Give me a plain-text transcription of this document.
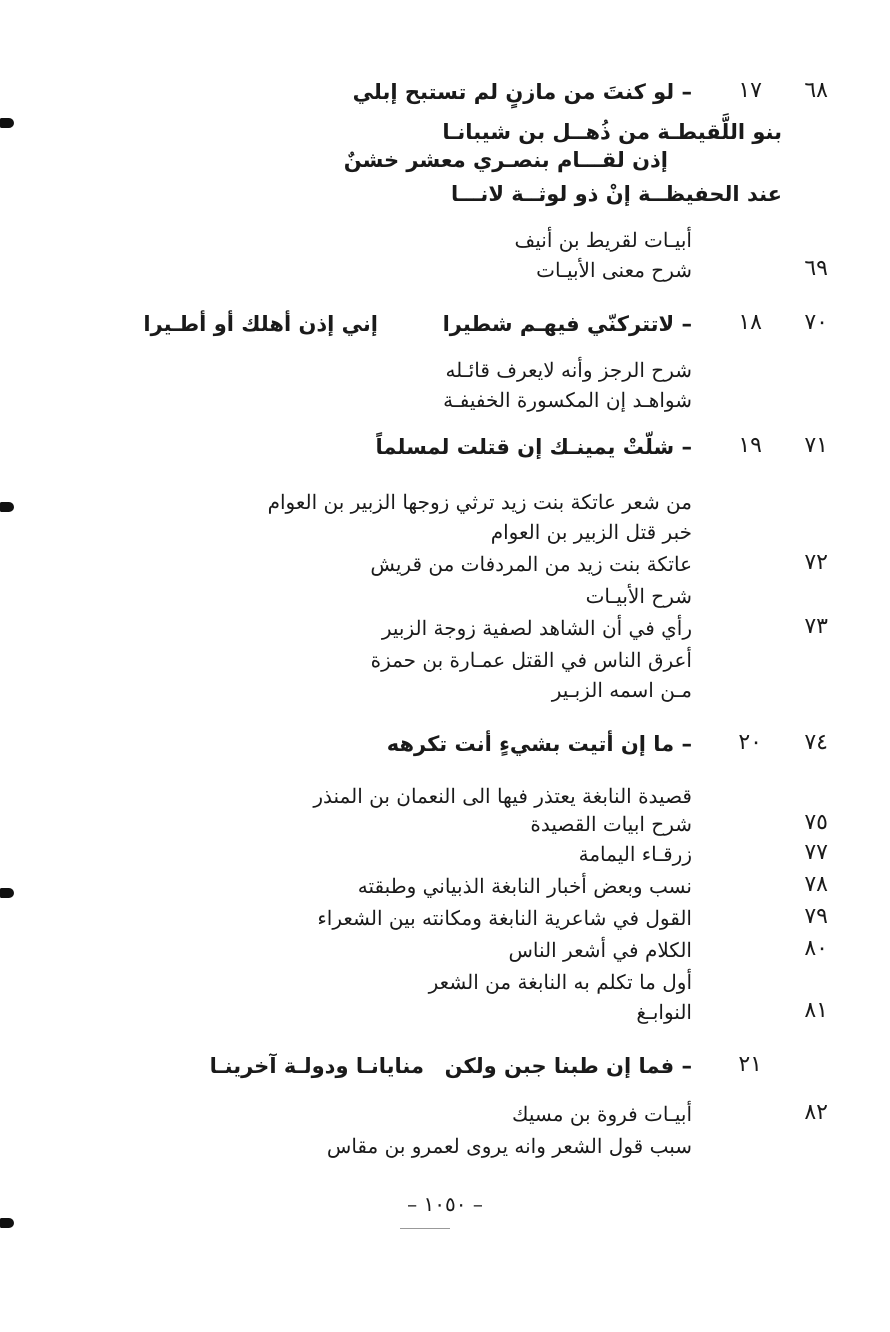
٦٨
١٧
– لو كنتَ من مازنٍ لم تستبح إبلي
بنو اللَّقيطـة من ذُهــل بن شيبانـا
إذن لقـــام بنصـري معشر خشنٌ
عند الحفيظــة إنْ ذو لوثــة لانـــا
أبيـات لقريط بن أنيف
٦٩
شرح معنى الأبيـات
٧٠
١٨
– لاتتركنّي فيهـم شطيرا
إني إذن أهلك أو أطـيرا
شرح الرجز وأنه لايعرف قائـله
شواهـد إن المكسورة الخفيفـة
٧١
١٩
– شلّتْ يمينـك إن قتلت لمسلماً
من شعر عاتكة بنت زيد ترثي زوجها الزبير بن العوام
خبر قتل الزبير بن العوام
٧٢
عاتكة بنت زيد من المردفات من قريش
شرح الأبيـات
٧٣
رأي في أن الشاهد لصفية زوجة الزبير
أعرق الناس في القتل عمـارة بن حمزة
مـن اسمه الزبـير
٧٤
٢٠
– ما إن أتيت بشيءٍ أنت تكرهه
قصيدة النابغة يعتذر فيها الى النعمان بن المنذر
٧٥
شرح ابيات القصيدة
٧٧
زرقـاء اليمامة
٧٨
نسب وبعض أخبار النابغة الذبياني وطبقته
٧٩
القول في شاعرية النابغة ومكانته بين الشعراء
٨٠
الكلام في أشعر الناس
أول ما تكلم به النابغة من الشعر
٨١
النوابـغ
٢١
– فما إن طبنا جبن ولكن
منايانـا ودولـة آخرينـا
٨٢
أبيـات فروة بن مسيك
سبب قول الشعر وانه يروى لعمرو بن مقاس
– ١٠٥٠ –
